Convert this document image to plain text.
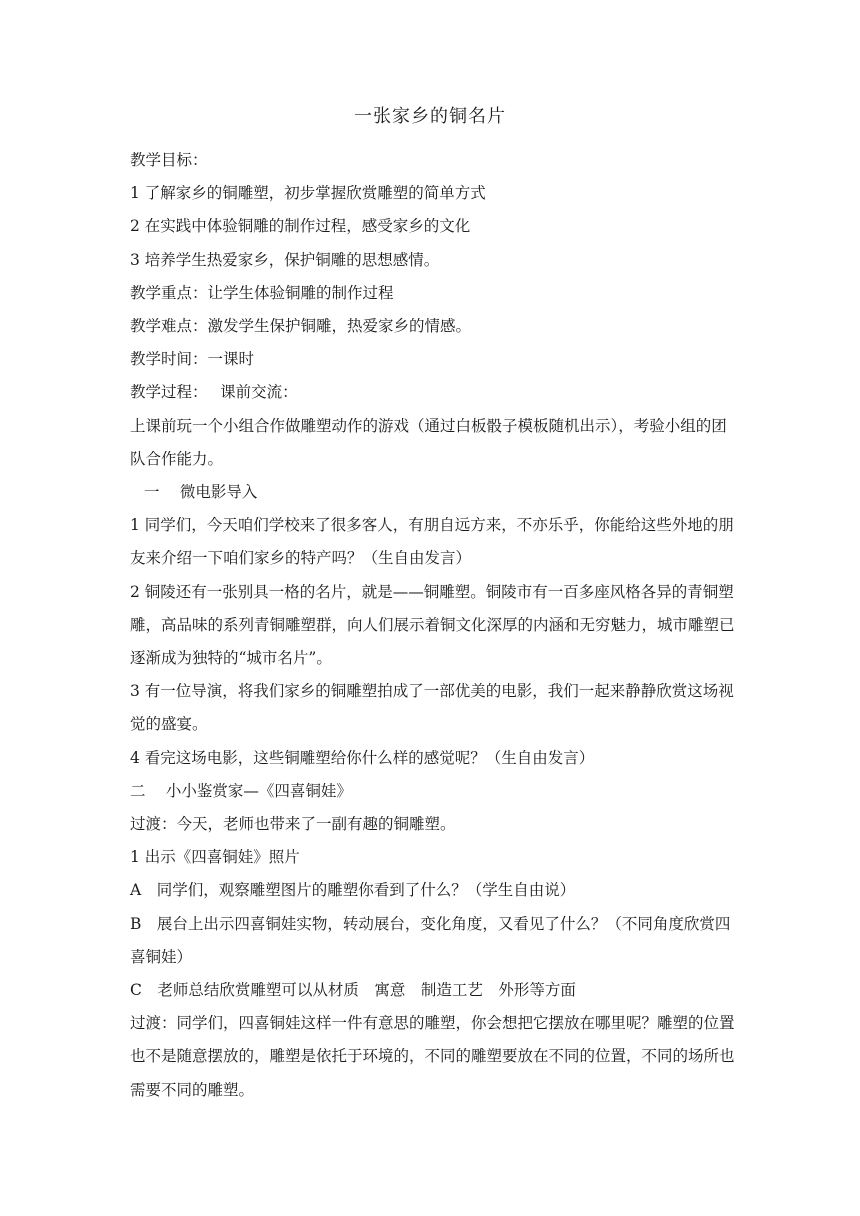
一张家乡的铜名片

教学目标：

1 了解家乡的铜雕塑，初步掌握欣赏雕塑的简单方式

2 在实践中体验铜雕的制作过程，感受家乡的文化

3 培养学生热爱家乡，保护铜雕的思想感情。

教学重点：让学生体验铜雕的制作过程

教学难点：激发学生保护铜雕，热爱家乡的情感。

教学时间：一课时

教学过程：　 课前交流：

上课前玩一个小组合作做雕塑动作的游戏（通过白板骰子模板随机出示），考验小组的团队合作能力。

一　 微电影导入

1 同学们，今天咱们学校来了很多客人，有朋自远方来，不亦乐乎，你能给这些外地的朋友来介绍一下咱们家乡的特产吗？（生自由发言）

2 铜陵还有一张别具一格的名片，就是——铜雕塑。铜陵市有一百多座风格各异的青铜塑雕，高品味的系列青铜雕塑群，向人们展示着铜文化深厚的内涵和无穷魅力，城市雕塑已逐渐成为独特的“城市名片”。

3 有一位导演，将我们家乡的铜雕塑拍成了一部优美的电影，我们一起来静静欣赏这场视觉的盛宴。

4 看完这场电影，这些铜雕塑给你什么样的感觉呢？（生自由发言）

二　 小小鉴赏家—《四喜铜娃》

过渡：今天，老师也带来了一副有趣的铜雕塑。

1 出示《四喜铜娃》照片

A　同学们，观察雕塑图片的雕塑你看到了什么？（学生自由说）

B　展台上出示四喜铜娃实物，转动展台，变化角度，又看见了什么？（不同角度欣赏四喜铜娃）

C　老师总结欣赏雕塑可以从材质　寓意　制造工艺　外形等方面

过渡：同学们，四喜铜娃这样一件有意思的雕塑，你会想把它摆放在哪里呢？雕塑的位置也不是随意摆放的，雕塑是依托于环境的，不同的雕塑要放在不同的位置，不同的场所也需要不同的雕塑。
